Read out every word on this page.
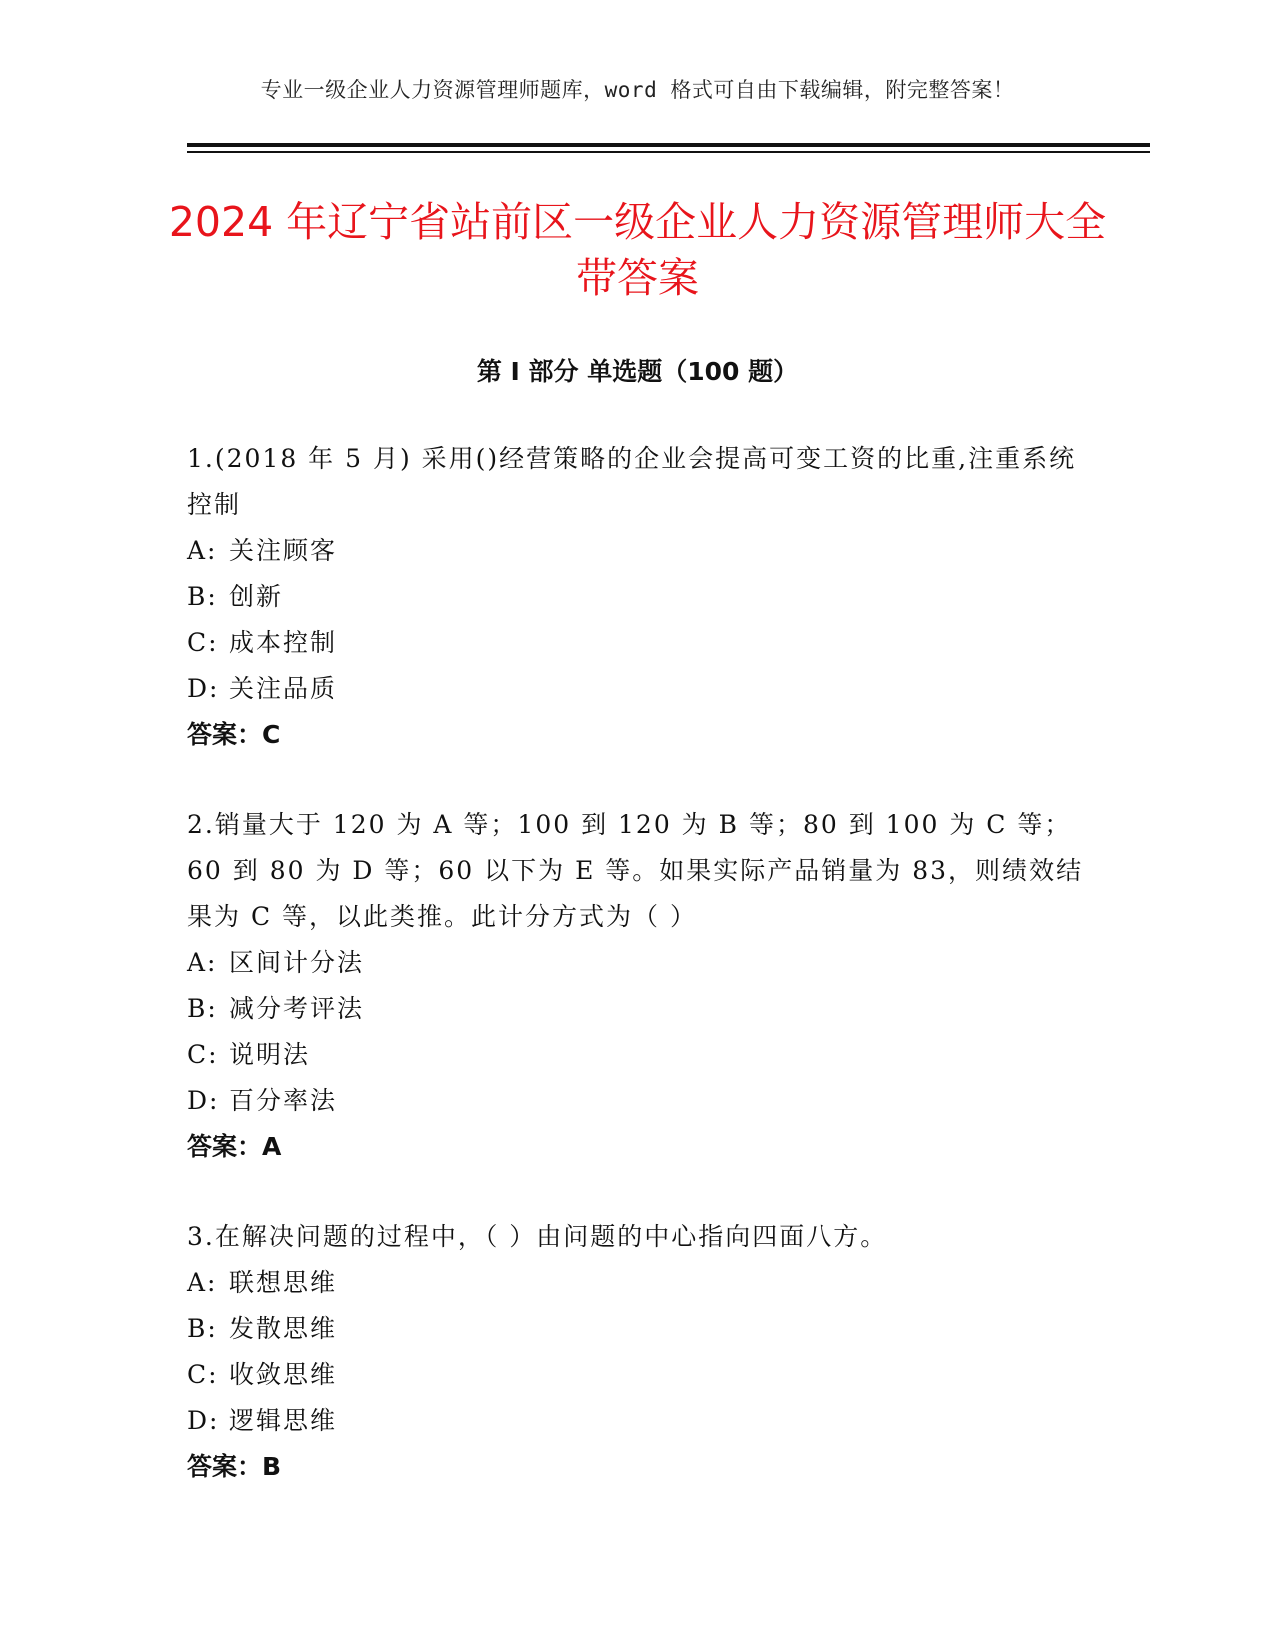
专业一级企业人力资源管理师题库，word 格式可自由下载编辑，附完整答案！
2024 年辽宁省站前区一级企业人力资源管理师大全带答案
第 I 部分 单选题（100 题）

1.(2018 年 5 月) 采用()经营策略的企业会提高可变工资的比重,注重系统控制

A: 关注顾客

B: 创新

C: 成本控制

D: 关注品质

答案：C

2.销量大于 120 为 A 等；100 到 120 为 B 等；80 到 100 为 C 等；60 到 80 为 D 等；60 以下为 E 等。如果实际产品销量为 83，则绩效结果为 C 等，以此类推。此计分方式为（ ）

A: 区间计分法

B: 减分考评法

C: 说明法

D: 百分率法

答案：A

3.在解决问题的过程中，（ ）由问题的中心指向四面八方。

A: 联想思维

B: 发散思维

C: 收敛思维

D: 逻辑思维

答案：B
